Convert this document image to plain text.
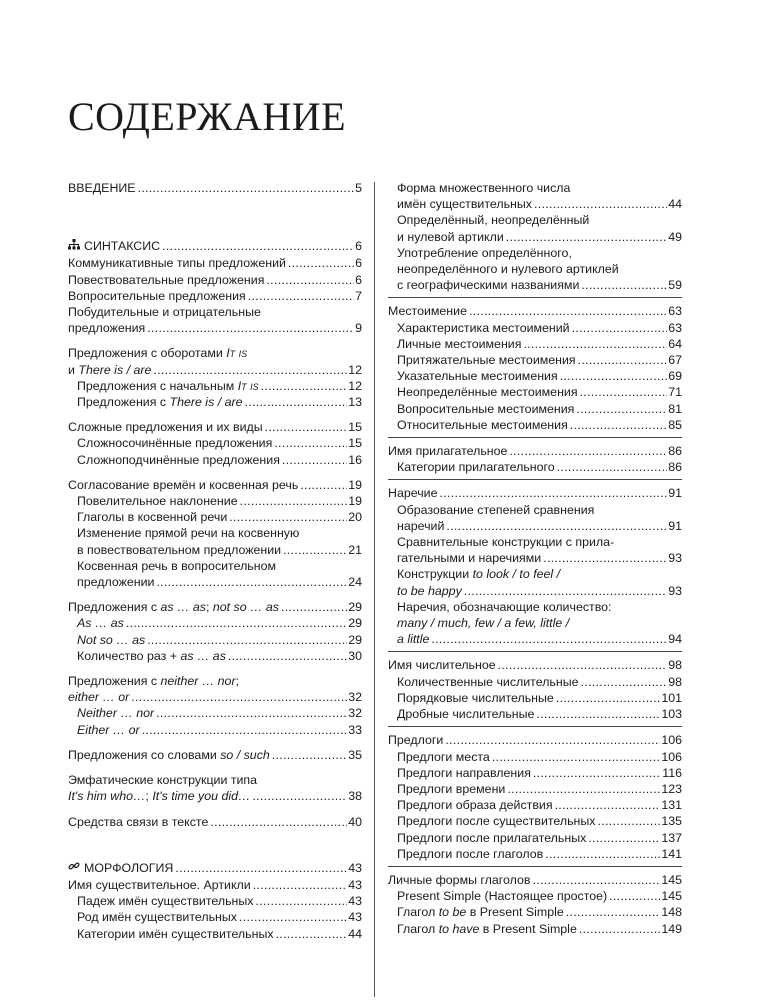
СОДЕРЖАНИЕ
ВВЕДЕНИЕ .....	5
СИНТАКСИС .....	6
Коммуникативные типы предложений .....	6
Повествовательные предложения .....	6
Вопросительные предложения .....	7
Побудительные и отрицательные
предложения .....	9
Предложения с оборотами It is
и There is / are .....	12
Предложения с начальным It is .....	12
Предложения с There is / are .....	13
Сложные предложения и их виды .....	15
Сложносочинённые предложения .....	15
Сложноподчинённые предложения .....	16
Согласование времён и косвенная речь .....	19
Повелительное наклонение .....	19
Глаголы в косвенной речи .....	20
Изменение прямой речи на косвенную
в повествовательном предложении .....	21
Косвенная речь в вопросительном
предложении .....	24
Предложения с as … as; not so … as .....	29
As … as .....	29
Not so … as .....	29
Количество раз + as … as .....	30
Предложения с neither … nor;
either … or .....	32
Neither … nor .....	32
Either … or .....	33
Предложения со словами so / such .....	35
Эмфатические конструкции типа
It's him who…; It's time you did… .....	38
Средства связи в тексте .....	40
МОРФОЛОГИЯ .....	43
Имя существительное. Артикли .....	43
Падеж имён существительных .....	43
Род имён существительных .....	43
Категории имён существительных .....	44
Форма множественного числа
имён существительных .....	44
Определённый, неопределённый
и нулевой артикли .....	49
Употребление определённого,
неопределённого и нулевого артиклей
с географическими названиями .....	59
Местоимение .....	63
Характеристика местоимений .....	63
Личные местоимения .....	64
Притяжательные местоимения .....	67
Указательные местоимения .....	69
Неопределённые местоимения .....	71
Вопросительные местоимения .....	81
Относительные местоимения .....	85
Имя прилагательное .....	86
Категории прилагательного .....	86
Наречие .....	91
Образование степеней сравнения
наречий .....	91
Сравнительные конструкции с прила-
гательными и наречиями .....	93
Конструкции to look / to feel /
to be happy .....	93
Наречия, обозначающие количество:
many / much, few / a few, little /
a little .....	94
Имя числительное .....	98
Количественные числительные .....	98
Порядковые числительные .....	101
Дробные числительные .....	103
Предлоги .....	106
Предлоги места .....	106
Предлоги направления .....	116
Предлоги времени .....	123
Предлоги образа действия .....	131
Предлоги после существительных .....	135
Предлоги после прилагательных .....	137
Предлоги после глаголов .....	141
Личные формы глаголов .....	145
Present Simple (Настоящее простое) .....	145
Глагол to be в Present Simple .....	148
Глагол to have в Present Simple .....	149
